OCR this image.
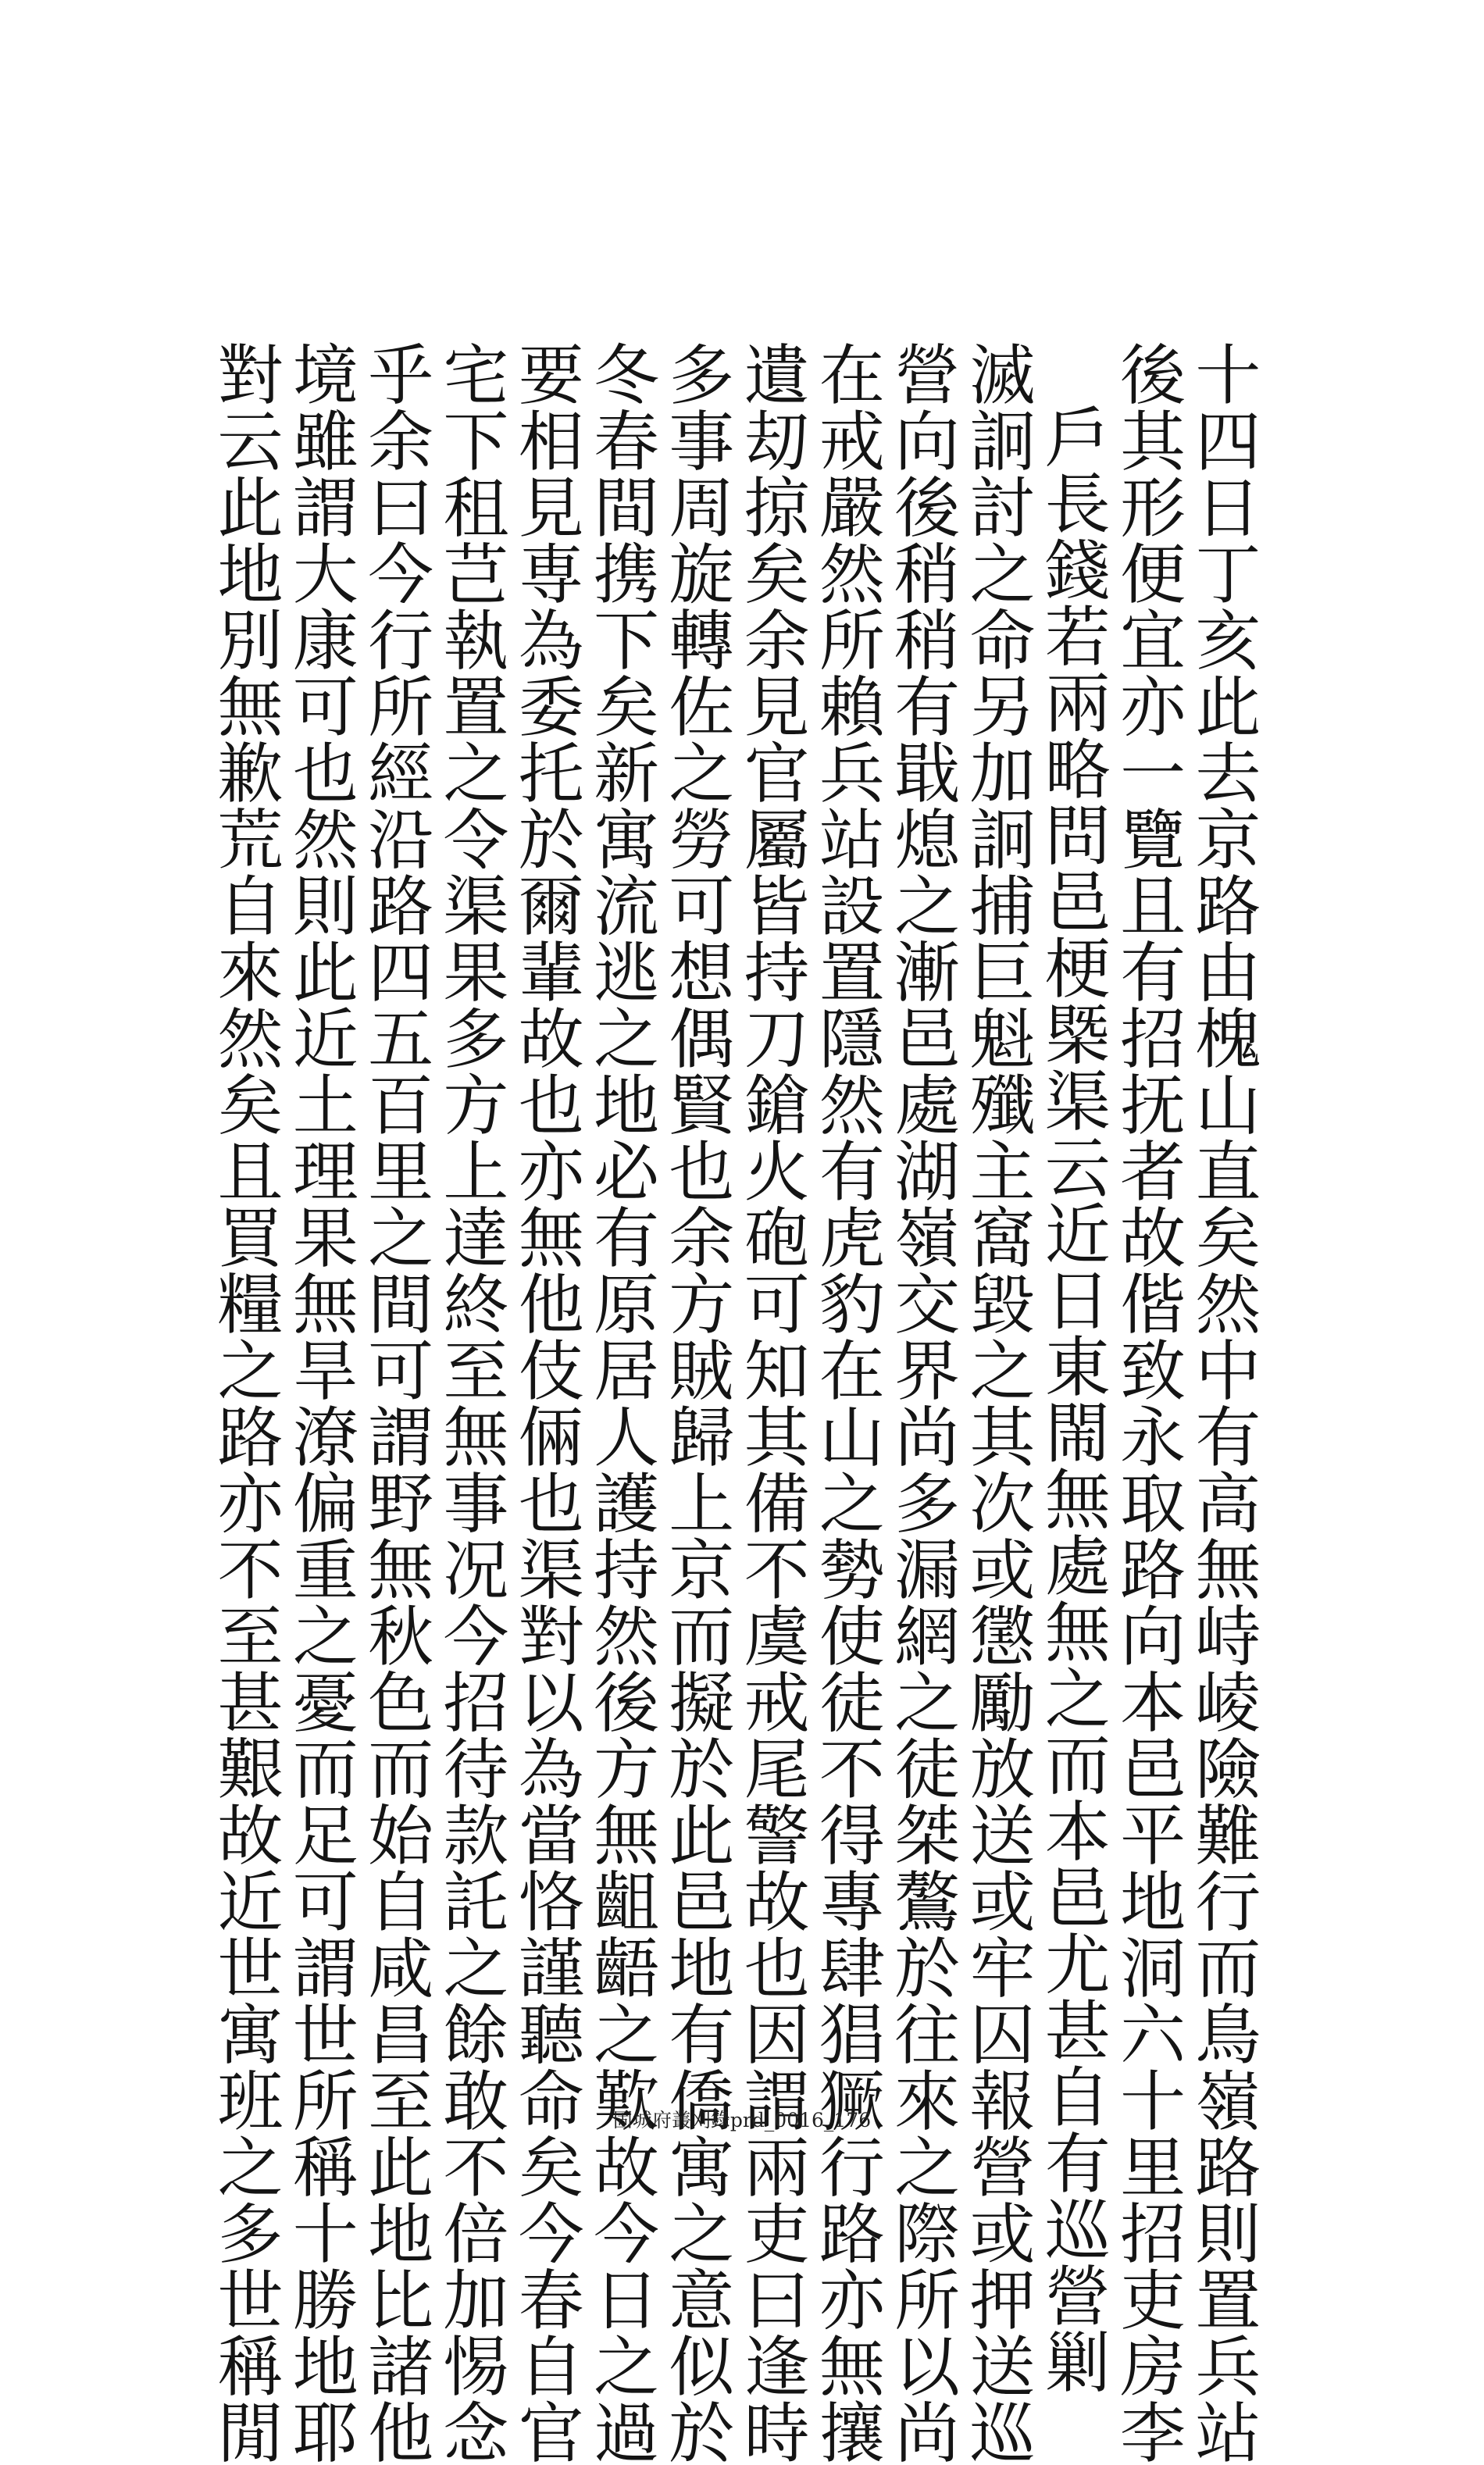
十四日丁亥此去京路由槐山直矣然中有高無峙崚險難行而鳥嶺路則置兵站
後其形便宜亦一覽且有招抚者故偕致永取路向本邑平地洞六十里招吏房李
戶長錢若兩略問邑梗槩渠云近日東閙無處無之而本邑尤甚自有巡營剿
滅詗討之命另加詗捕巨魁殲主窩毀之其次或懲勵放送或牢囚報營或押送巡
營向後稍稍有戢熄之漸邑處湖嶺交界尚多漏網之徒桀鷔於往來之際所以尚
在戒嚴然所賴兵站設置隱然有虎豹在山之勢使徒不得專肆猖獗行路亦無攘
遺刧掠矣余見官屬皆持刀鎗火砲可知其備不虞戒尾警故也因謂兩吏曰逢時
多事周旋轉佐之勞可想偶賢也余方賊歸上京而擬於此邑地有僑寓之意似於
冬春間携下矣新寓流逃之地必有原居人護持然後方無齟齬之歎故今日之過
要相見専為委托於爾輩故也亦無他伎倆也渠對以為當恪謹聽命矣今春自官
宅下租芑執置之令渠果多方上達終至無事况今招待款託之餘敢不倍加惕念
乎余曰今行所經沿路四五百里之間可謂野無秋色而始自咸昌至此地比諸他
境雖謂大康可也然則此近土理果無旱潦偏重之憂而足可謂世所稱十勝地耶
對云此地別無歉荒自來然矣且買糧之路亦不至甚艱故近世寓班之多世稱閒	固城府叢刈錄prd_0016_176
